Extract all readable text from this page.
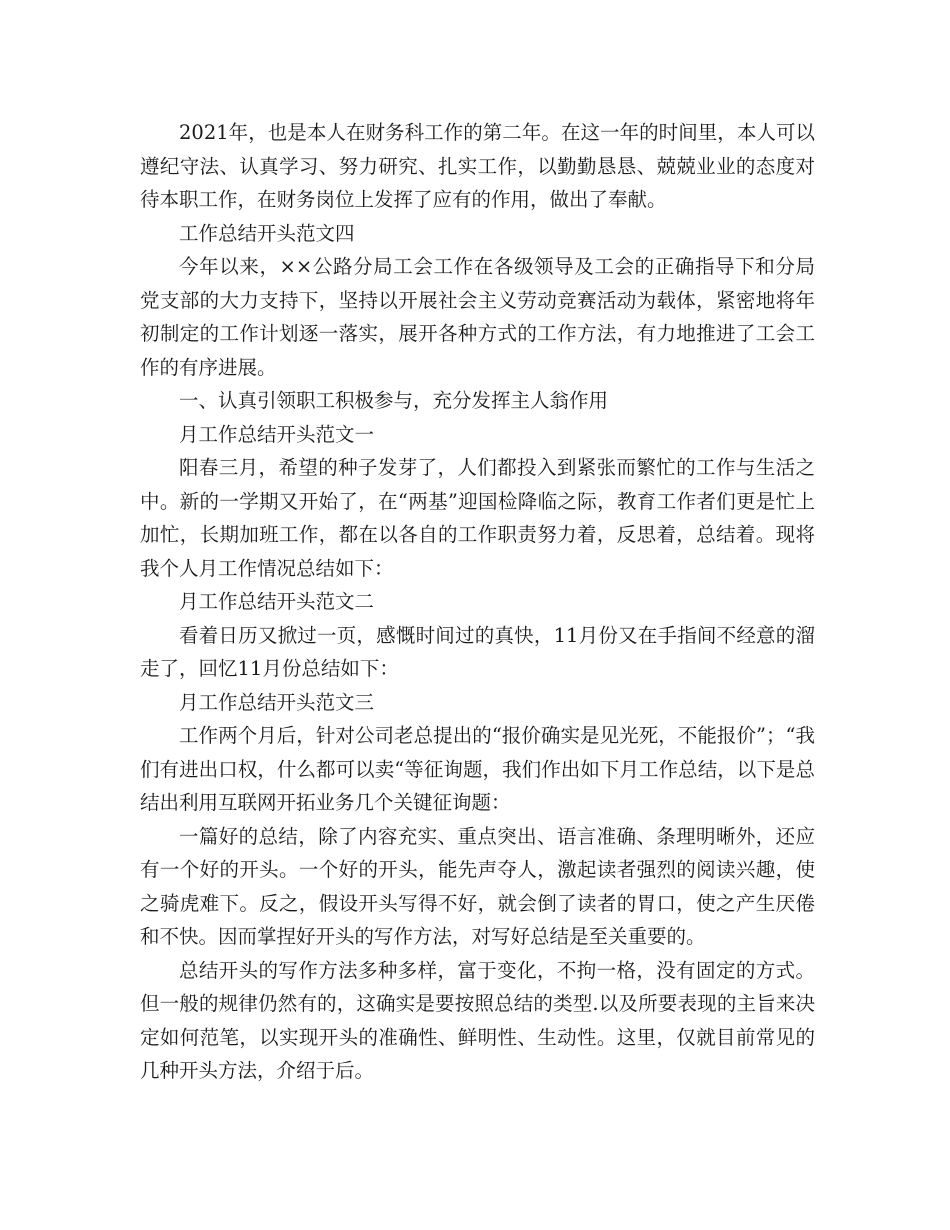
2021年，也是本人在财务科工作的第二年。在这一年的时间里，本人可以遵纪守法、认真学习、努力研究、扎实工作，以勤勤恳恳、兢兢业业的态度对待本职工作，在财务岗位上发挥了应有的作用，做出了奉献。

工作总结开头范文四

今年以来，××公路分局工会工作在各级领导及工会的正确指导下和分局党支部的大力支持下，坚持以开展社会主义劳动竞赛活动为载体，紧密地将年初制定的工作计划逐一落实，展开各种方式的工作方法，有力地推进了工会工作的有序进展。

一、认真引领职工积极参与，充分发挥主人翁作用

月工作总结开头范文一

阳春三月，希望的种子发芽了，人们都投入到紧张而繁忙的工作与生活之中。新的一学期又开始了，在“两基”迎国检降临之际，教育工作者们更是忙上加忙，长期加班工作，都在以各自的工作职责努力着，反思着，总结着。现将我个人月工作情况总结如下：

月工作总结开头范文二

看着日历又掀过一页，感慨时间过的真快，11月份又在手指间不经意的溜走了，回忆11月份总结如下：

月工作总结开头范文三

工作两个月后，针对公司老总提出的“报价确实是见光死，不能报价”；“我们有进出口权，什么都可以卖“等征询题，我们作出如下月工作总结，以下是总结出利用互联网开拓业务几个关键征询题：

一篇好的总结，除了内容充实、重点突出、语言准确、条理明晰外，还应有一个好的开头。一个好的开头，能先声夺人，激起读者强烈的阅读兴趣，使之骑虎难下。反之，假设开头写得不好，就会倒了读者的胃口，使之产生厌倦和不快。因而掌捏好开头的写作方法，对写好总结是至关重要的。

总结开头的写作方法多种多样，富于变化，不拘一格，没有固定的方式。但一般的规律仍然有的，这确实是要按照总结的类型.以及所要表现的主旨来决定如何范笔，以实现开头的准确性、鲜明性、生动性。这里，仅就目前常见的几种开头方法，介绍于后。
